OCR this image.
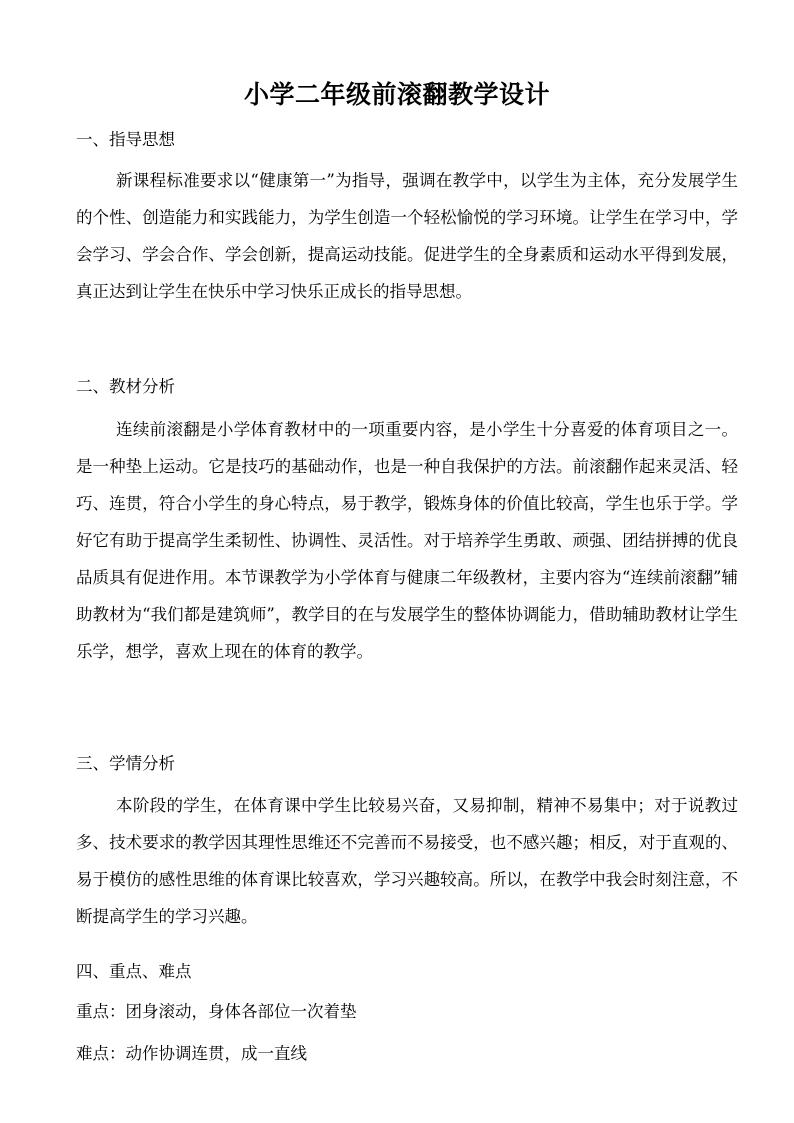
小学二年级前滚翻教学设计
一、指导思想

新课程标准要求以“健康第一”为指导，强调在教学中，以学生为主体，充分发展学生的个性、创造能力和实践能力，为学生创造一个轻松愉悦的学习环境。让学生在学习中，学会学习、学会合作、学会创新，提高运动技能。促进学生的全身素质和运动水平得到发展，真正达到让学生在快乐中学习快乐正成长的指导思想。

二、教材分析

连续前滚翻是小学体育教材中的一项重要内容，是小学生十分喜爱的体育项目之一。是一种垫上运动。它是技巧的基础动作，也是一种自我保护的方法。前滚翻作起来灵活、轻巧、连贯，符合小学生的身心特点，易于教学，锻炼身体的价值比较高，学生也乐于学。学好它有助于提高学生柔韧性、协调性、灵活性。对于培养学生勇敢、顽强、团结拼搏的优良品质具有促进作用。本节课教学为小学体育与健康二年级教材，主要内容为“连续前滚翻”辅助教材为“我们都是建筑师”，教学目的在与发展学生的整体协调能力，借助辅助教材让学生乐学，想学，喜欢上现在的体育的教学。

三、学情分析

本阶段的学生，在体育课中学生比较易兴奋，又易抑制，精神不易集中；对于说教过多、技术要求的教学因其理性思维还不完善而不易接受，也不感兴趣；相反，对于直观的、易于模仿的感性思维的体育课比较喜欢，学习兴趣较高。所以，在教学中我会时刻注意，不断提高学生的学习兴趣。

四、重点、难点
重点：团身滚动，身体各部位一次着垫
难点：动作协调连贯，成一直线
